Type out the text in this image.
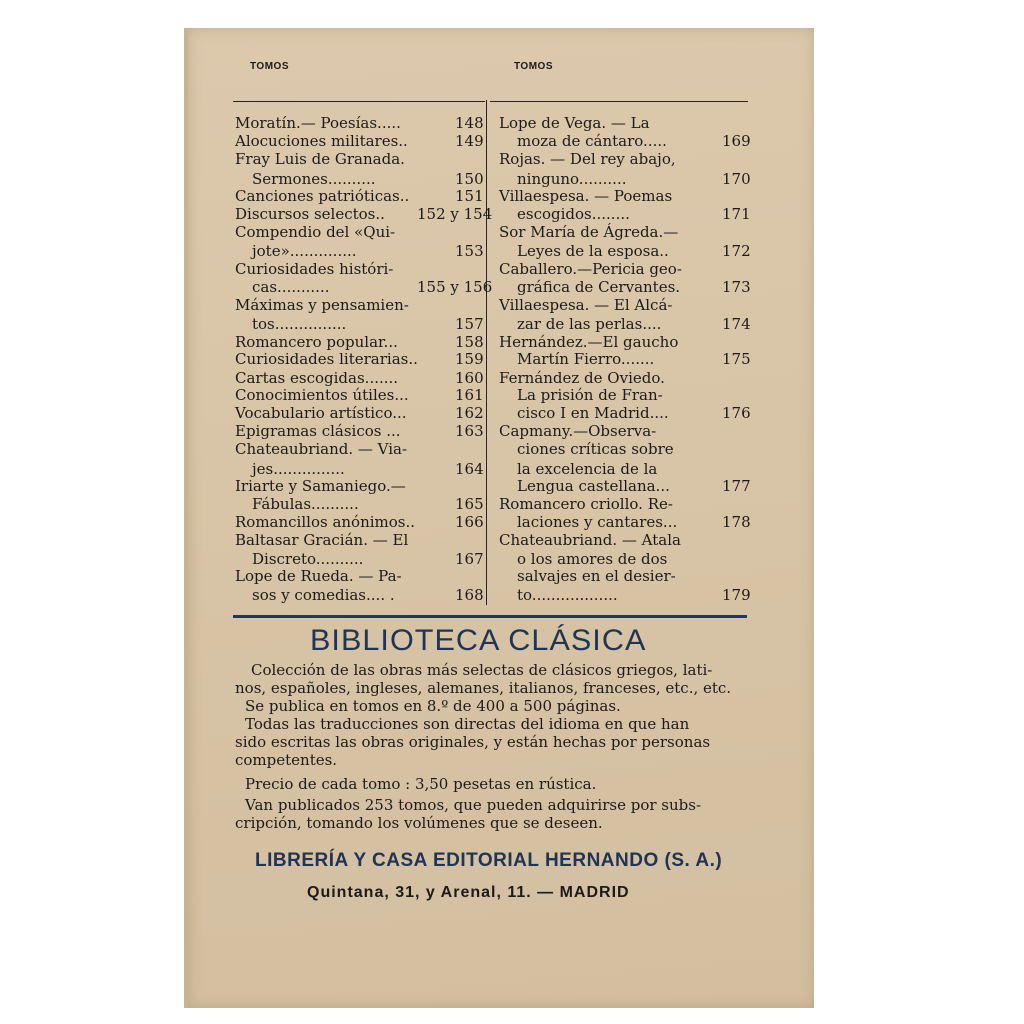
TOMOS	TOMOS
Moratín.— Poesías.....	148
Alocuciones militares..	149
Fray Luis de Granada.
Sermones..........	150
Canciones patrióticas..	151
Discursos selectos.. 152 y 154
Compendio del «Qui-
jote»..............	153
Curiosidades históri-
cas...........	155 y 156
Máximas y pensamien-
tos...............	157
Romancero popular...	158
Curiosidades literarias.. 159
Cartas escogidas.......	160
Conocimientos útiles...	161
Vocabulario artístico...	162
Epigramas clásicos ...	163
Chateaubriand. — Via-
jes...............	164
Iriarte y Samaniego.—
Fábulas..........	165
Romancillos anónimos..	166
Baltasar Gracián. — El
Discreto..........	167
Lope de Rueda. — Pa-
sos y comedias.... .	168
Lope de Vega. — La
moza de cántaro.....	169
Rojas. — Del rey abajo,
ninguno..........	170
Villaespesa. — Poemas
escogidos........	171
Sor María de Ágreda.—
Leyes de la esposa..	172
Caballero.—Pericia geo-
gráfica de Cervantes.	173
Villaespesa. — El Alcá-
zar de las perlas....	174
Hernández.—El gaucho
Martín Fierro.......	175
Fernández de Oviedo.
La prisión de Fran-
cisco I en Madrid....	176
Capmany.—Observa-
ciones críticas sobre
la excelencia de la
Lengua castellana...	177
Romancero criollo. Re-
laciones y cantares...	178
Chateaubriand. — Atala
o los amores de dos
salvajes en el desier-
to..................	179
BIBLIOTECA CLÁSICA
Colección de las obras más selectas de clásicos griegos, lati-
nos, españoles, ingleses, alemanes, italianos, franceses, etc., etc.
Se publica en tomos en 8.º de 400 a 500 páginas.
Todas las traducciones son directas del idioma en que han
sido escritas las obras originales, y están hechas por personas
competentes.
Precio de cada tomo : 3,50 pesetas en rústica.
Van publicados 253 tomos, que pueden adquirirse por subs-
cripción, tomando los volúmenes que se deseen.
LIBRERÍA Y CASA EDITORIAL HERNANDO (S. A.)
Quintana, 31, y Arenal, 11. — MADRID
